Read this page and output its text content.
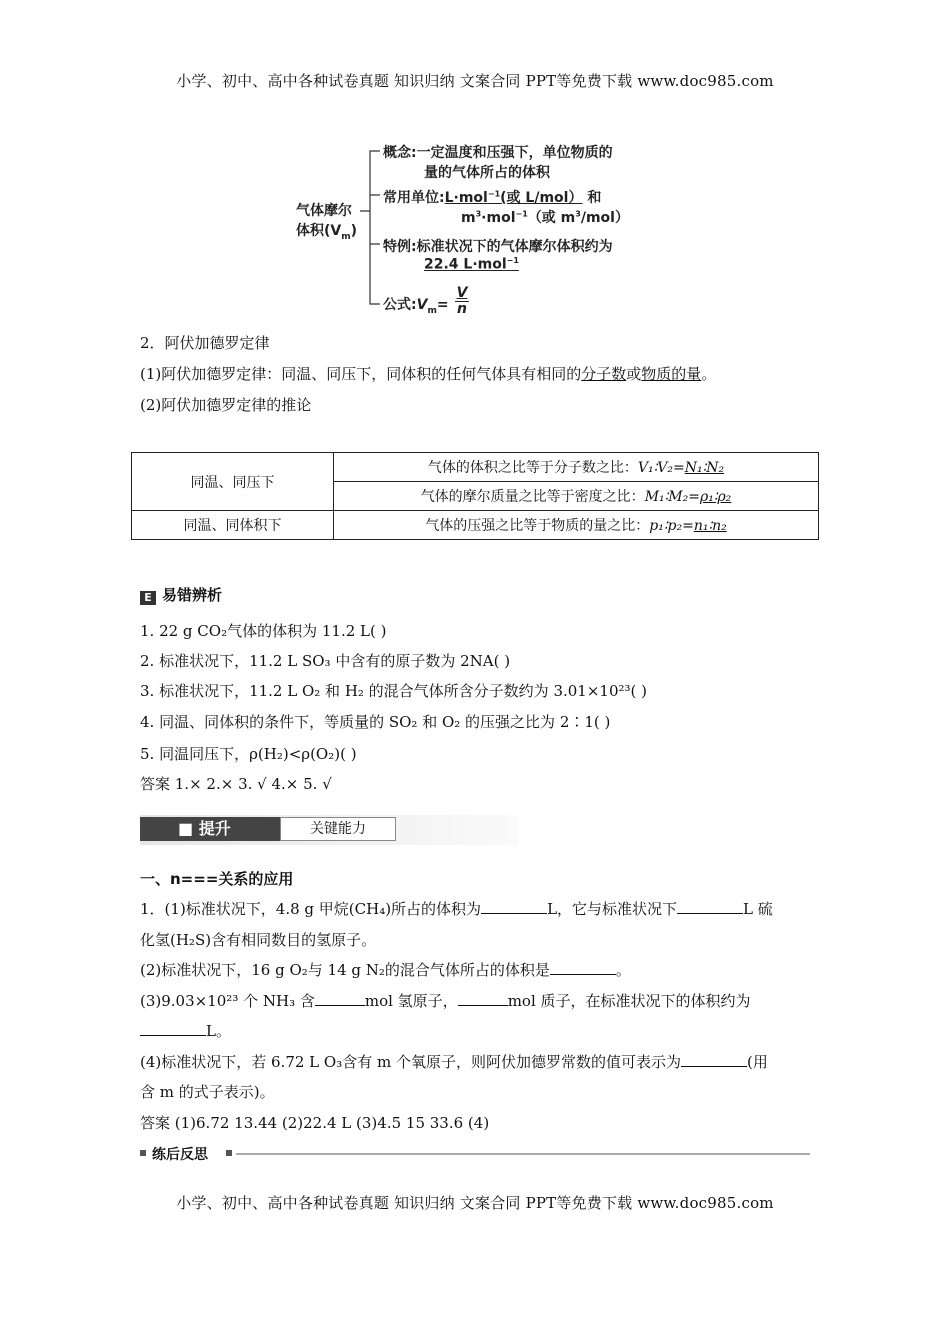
小学、初中、高中各种试卷真题 知识归纳 文案合同 PPT等免费下载 www.doc985.com
气体摩尔
体积$(V_m)$
概念:一定温度和压强下，单位物质的
量的气体所占的体积
常用单位:L·mol$^{-1}$(或 L/mol） 和
$m^3\cdot mol^{-1}$（或 $m^3/mol$）
特例:标准状况下的气体摩尔体积约为
22.4 L·mol$^{-1}$
公式$:V_m=$
V
n
2．阿伏加德罗定律
(1)阿伏加德罗定律：同温、同压下，同体积的任何气体具有相同的分子数或物质的量。
(2)阿伏加德罗定律的推论
同温、同压下	气体的体积之比等于分子数之比：V₁∶V₂=N₁∶N₂
	气体的摩尔质量之比等于密度之比：M₁∶M₂=ρ₁∶ρ₂
同温、同体积下	气体的压强之比等于物质的量之比：p₁∶p₂=n₁∶n₂
E 易错辨析
1. 22 g CO₂气体的体积为 11.2 L( )
2. 标准状况下，11.2 L SO₃ 中含有的原子数为 2NA( )
3. 标准状况下，11.2 L O₂ 和 H₂ 的混合气体所含分子数约为 3.01×10²³( )
4. 同温、同体积的条件下，等质量的 SO₂ 和 O₂ 的压强之比为 2∶1( )
5. 同温同压下，ρ(H₂)<ρ(O₂)( )
答案 1.× 2.× 3. √ 4.× 5. √
■ 提升	关键能力
一、n===关系的应用
1．(1)标准状况下，4.8 g 甲烷(CH₄)所占的体积为	L，它与标准状况下	L 硫
化氢(H₂S)含有相同数目的氢原子。
(2)标准状况下，16 g O₂与 14 g N₂的混合气体所占的体积是	。
(3)9.03×10²³ 个 NH₃ 含	mol 氢原子，	mol 质子，在标准状况下的体积约为
L。
(4)标准状况下，若 6.72 L O₃含有 m 个氧原子，则阿伏加德罗常数的值可表示为	(用
含 m 的式子表示)。
答案 (1)6.72 13.44 (2)22.4 L (3)4.5 15 33.6 (4)
练后反思
小学、初中、高中各种试卷真题 知识归纳 文案合同 PPT等免费下载 www.doc985.com
